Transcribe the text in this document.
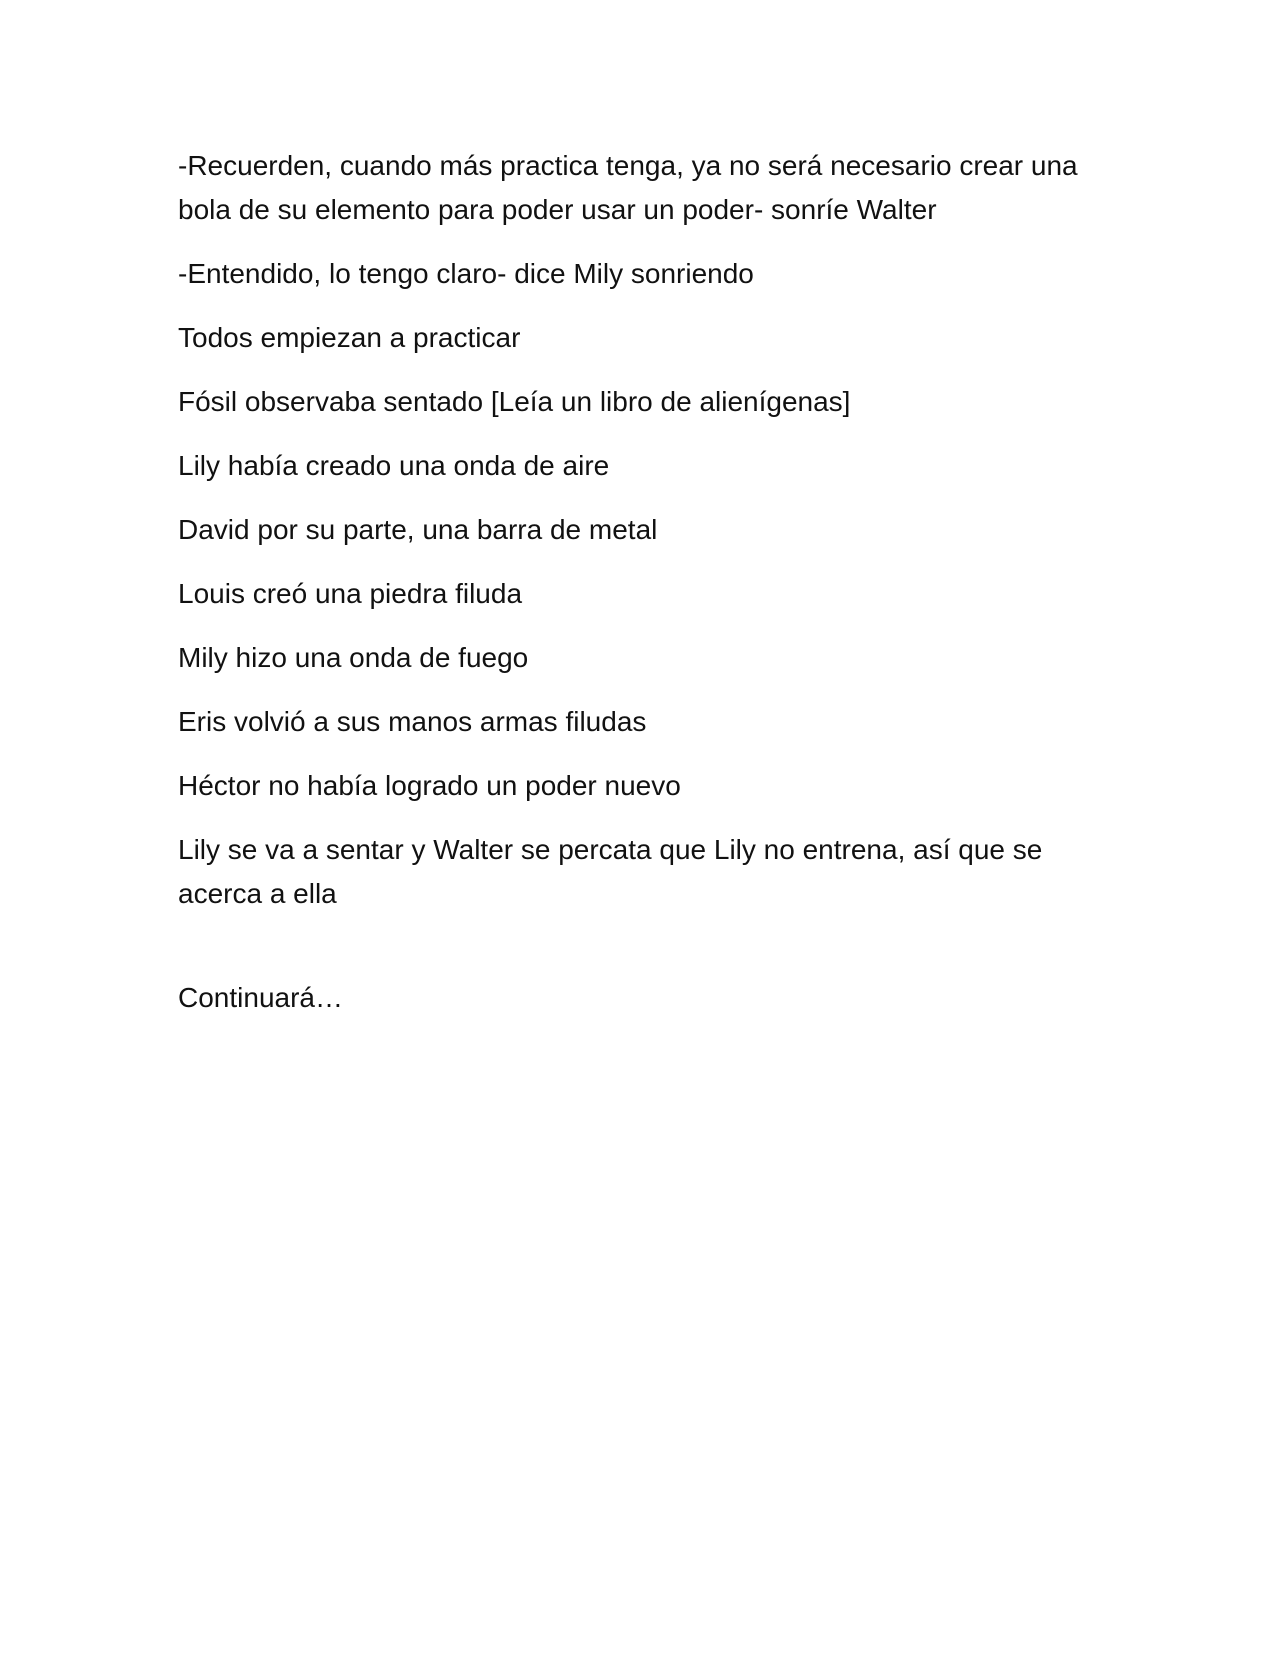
-Recuerden, cuando más practica tenga, ya no será necesario crear una bola de su elemento para poder usar un poder- sonríe Walter

-Entendido, lo tengo claro- dice Mily sonriendo

Todos empiezan a practicar

Fósil observaba sentado [Leía un libro de alienígenas]

Lily había creado una onda de aire

David por su parte, una barra de metal

Louis creó una piedra filuda

Mily hizo una onda de fuego

Eris volvió a sus manos armas filudas

Héctor no había logrado un poder nuevo

Lily se va a sentar y Walter se percata que Lily no entrena, así que se acerca a ella

Continuará…
